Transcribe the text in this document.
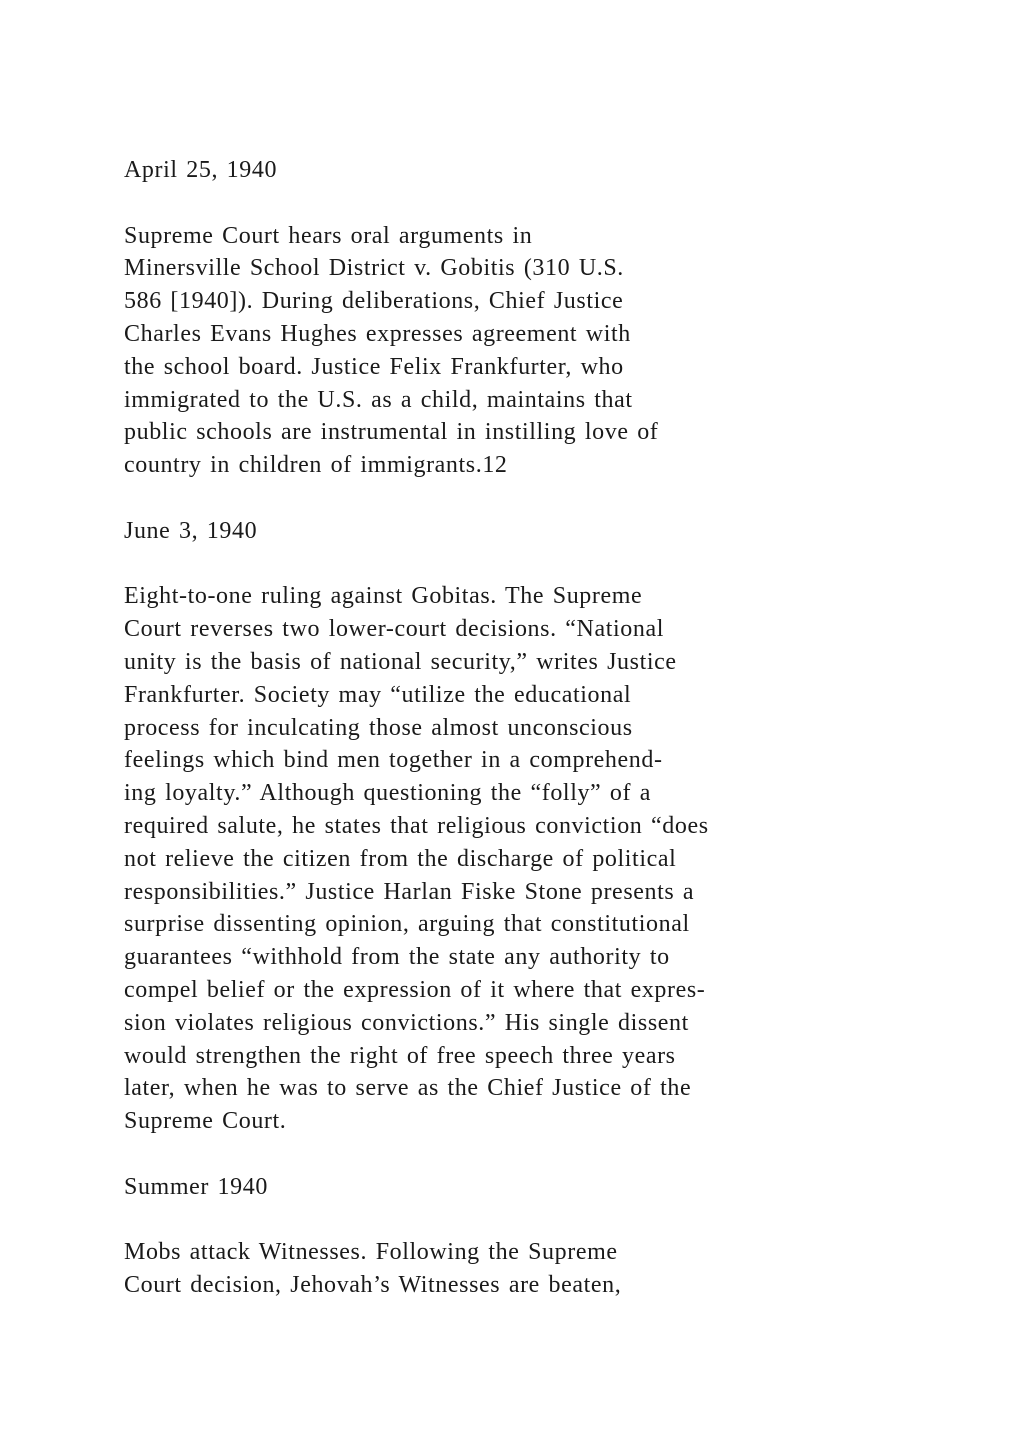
April 25, 1940
Supreme Court hears oral arguments in
Minersville School District v. Gobitis (310 U.S.
586 [1940]). During deliberations, Chief Justice
Charles Evans Hughes expresses agreement with
the school board. Justice Felix Frankfurter, who
immigrated to the U.S. as a child, maintains that
public schools are instrumental in instilling love of
country in children of immigrants.12
June 3, 1940
Eight-to-one ruling against Gobitas. The Supreme
Court reverses two lower-court decisions. “National
unity is the basis of national security,” writes Justice
Frankfurter. Society may “utilize the educational
process for inculcating those almost unconscious
feelings which bind men together in a comprehend-
ing loyalty.” Although questioning the “folly” of a
required salute, he states that religious conviction “does
not relieve the citizen from the discharge of political
responsibilities.” Justice Harlan Fiske Stone presents a
surprise dissenting opinion, arguing that constitutional
guarantees “withhold from the state any authority to
compel belief or the expression of it where that expres-
sion violates religious convictions.” His single dissent
would strengthen the right of free speech three years
later, when he was to serve as the Chief Justice of the
Supreme Court.
Summer 1940
Mobs attack Witnesses. Following the Supreme
Court decision, Jehovah’s Witnesses are beaten,
